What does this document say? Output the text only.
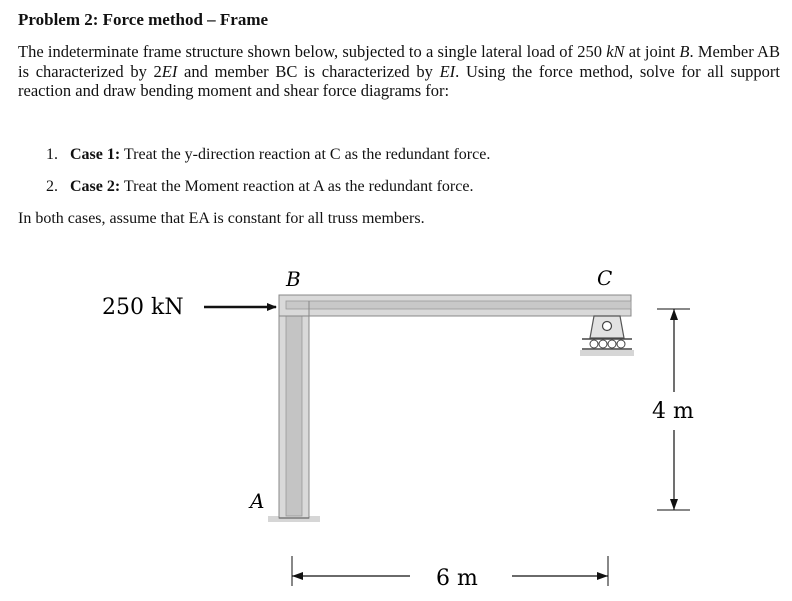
Problem 2: Force method – Frame
The indeterminate frame structure shown below, subjected to a single lateral load of 250 kN at joint B. Member AB is characterized by 2EI and member BC is characterized by EI. Using the force method, solve for all support reaction and draw bending moment and shear force diagrams for:
1. Case 1: Treat the y-direction reaction at C as the redundant force.
2. Case 2: Treat the Moment reaction at A as the redundant force.
In both cases, assume that EA is constant for all truss members.
250 kN
B	C
A
4 m
6 m
